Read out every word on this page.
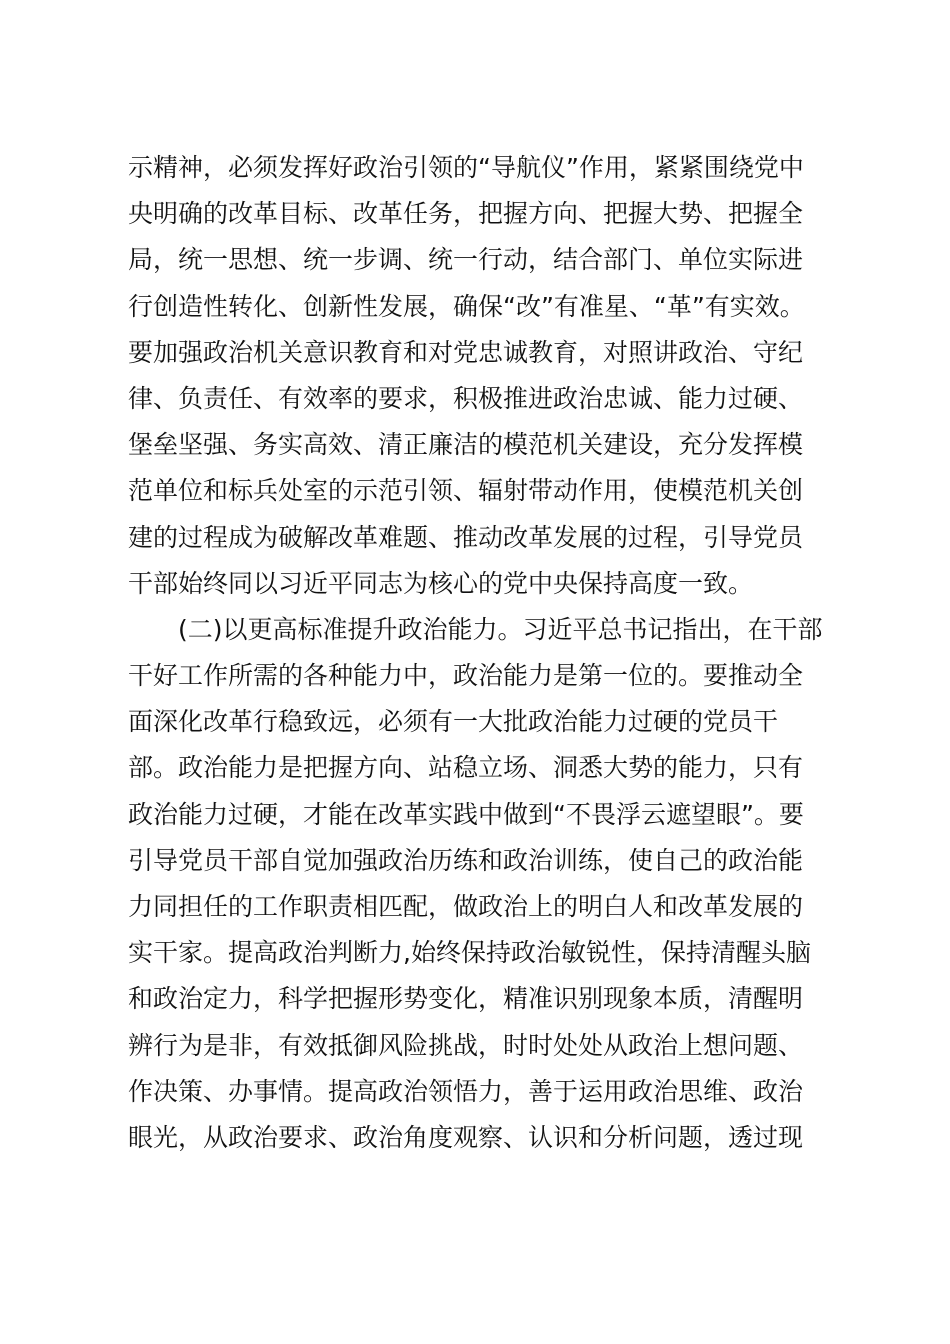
示精神，必须发挥好政治引领的“导航仪”作用，紧紧围绕党中
央明确的改革目标、改革任务，把握方向、把握大势、把握全
局，统一思想、统一步调、统一行动，结合部门、单位实际进
行创造性转化、创新性发展，确保“改”有准星、“革”有实效。
要加强政治机关意识教育和对党忠诚教育，对照讲政治、守纪
律、负责任、有效率的要求，积极推进政治忠诚、能力过硬、
堡垒坚强、务实高效、清正廉洁的模范机关建设，充分发挥模
范单位和标兵处室的示范引领、辐射带动作用，使模范机关创
建的过程成为破解改革难题、推动改革发展的过程，引导党员
干部始终同以习近平同志为核心的党中央保持高度一致。
　　(二)以更高标准提升政治能力。习近平总书记指出，在干部
干好工作所需的各种能力中，政治能力是第一位的。要推动全
面深化改革行稳致远，必须有一大批政治能力过硬的党员干
部。政治能力是把握方向、站稳立场、洞悉大势的能力，只有
政治能力过硬，才能在改革实践中做到“不畏浮云遮望眼”。要
引导党员干部自觉加强政治历练和政治训练，使自己的政治能
力同担任的工作职责相匹配，做政治上的明白人和改革发展的
实干家。提高政治判断力,始终保持政治敏锐性，保持清醒头脑
和政治定力，科学把握形势变化，精准识别现象本质，清醒明
辨行为是非，有效抵御风险挑战，时时处处从政治上想问题、
作决策、办事情。提高政治领悟力，善于运用政治思维、政治
眼光，从政治要求、政治角度观察、认识和分析问题，透过现
